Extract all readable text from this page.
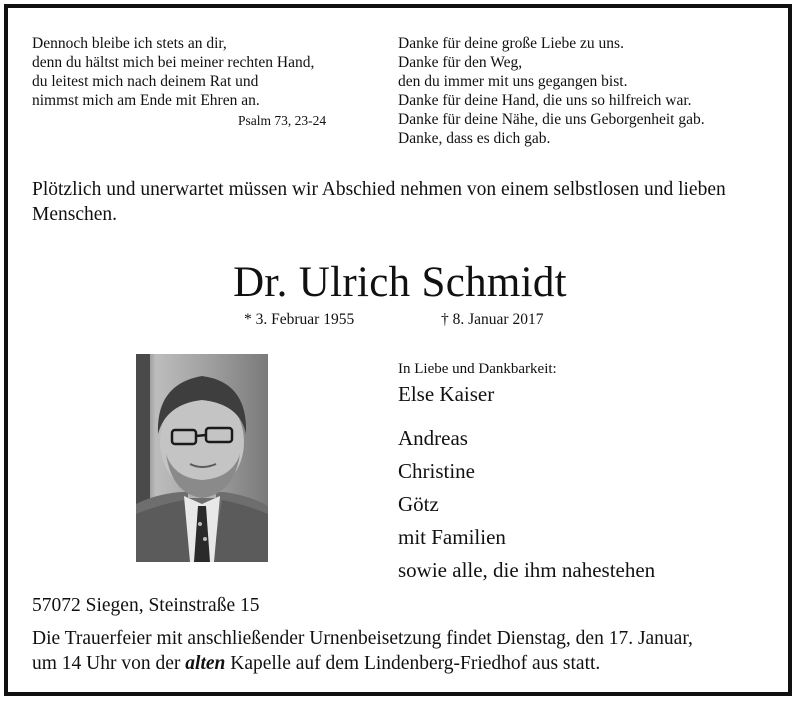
Dennoch bleibe ich stets an dir,
denn du hältst mich bei meiner rechten Hand,
du leitest mich nach deinem Rat und
nimmst mich am Ende mit Ehren an.
Psalm 73, 23-24
Danke für deine große Liebe zu uns.
Danke für den Weg,
den du immer mit uns gegangen bist.
Danke für deine Hand, die uns so hilfreich war.
Danke für deine Nähe, die uns Geborgenheit gab.
Danke, dass es dich gab.
Plötzlich und unerwartet müssen wir Abschied nehmen von einem selbstlosen und lieben Menschen.
Dr. Ulrich Schmidt
* 3. Februar 1955	† 8. Januar 2017
In Liebe und Dankbarkeit:
Else Kaiser
Andreas
Christine
Götz
mit Familien
sowie alle, die ihm nahestehen
57072 Siegen, Steinstraße 15
Die Trauerfeier mit anschließender Urnenbeisetzung findet Dienstag, den 17. Januar,
um 14 Uhr von der alten Kapelle auf dem Lindenberg-Friedhof aus statt.
